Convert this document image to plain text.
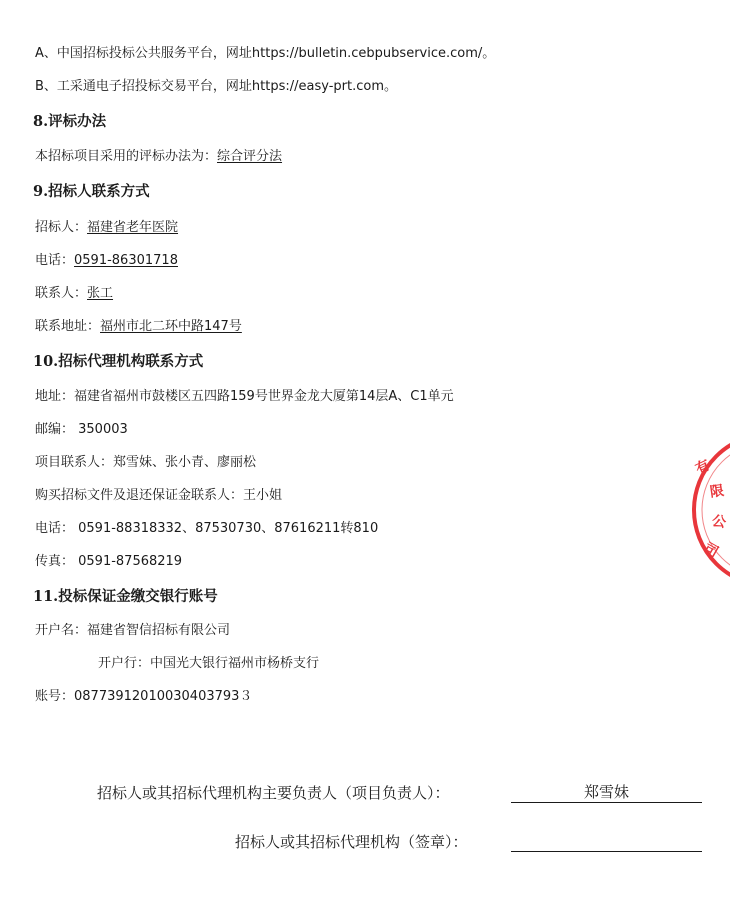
A、中国招标投标公共服务平台，网址https://bulletin.cebpubservice.com/。
B、工采通电子招投标交易平台，网址https://easy-prt.com。
8.评标办法
本招标项目采用的评标办法为：综合评分法
9.招标人联系方式
招标人：福建省老年医院
电话：0591-86301718
联系人：张工
联系地址：福州市北二环中路147号
10.招标代理机构联系方式
地址：福建省福州市鼓楼区五四路159号世界金龙大厦第14层A、C1单元
邮编： 350003
项目联系人：郑雪妹、张小青、廖丽松
购买招标文件及退还保证金联系人：王小姐
电话： 0591-88318332、87530730、87616211转810
传真： 0591-87568219
11.投标保证金缴交银行账号
开户名：福建省智信招标有限公司
开户行：中国光大银行福州市杨桥支行
账号：08773912010030403793３
招标人或其招标代理机构主要负责人（项目负责人）：	郑雪妹
招标人或其招标代理机构（签章）：
有
限
公
司
